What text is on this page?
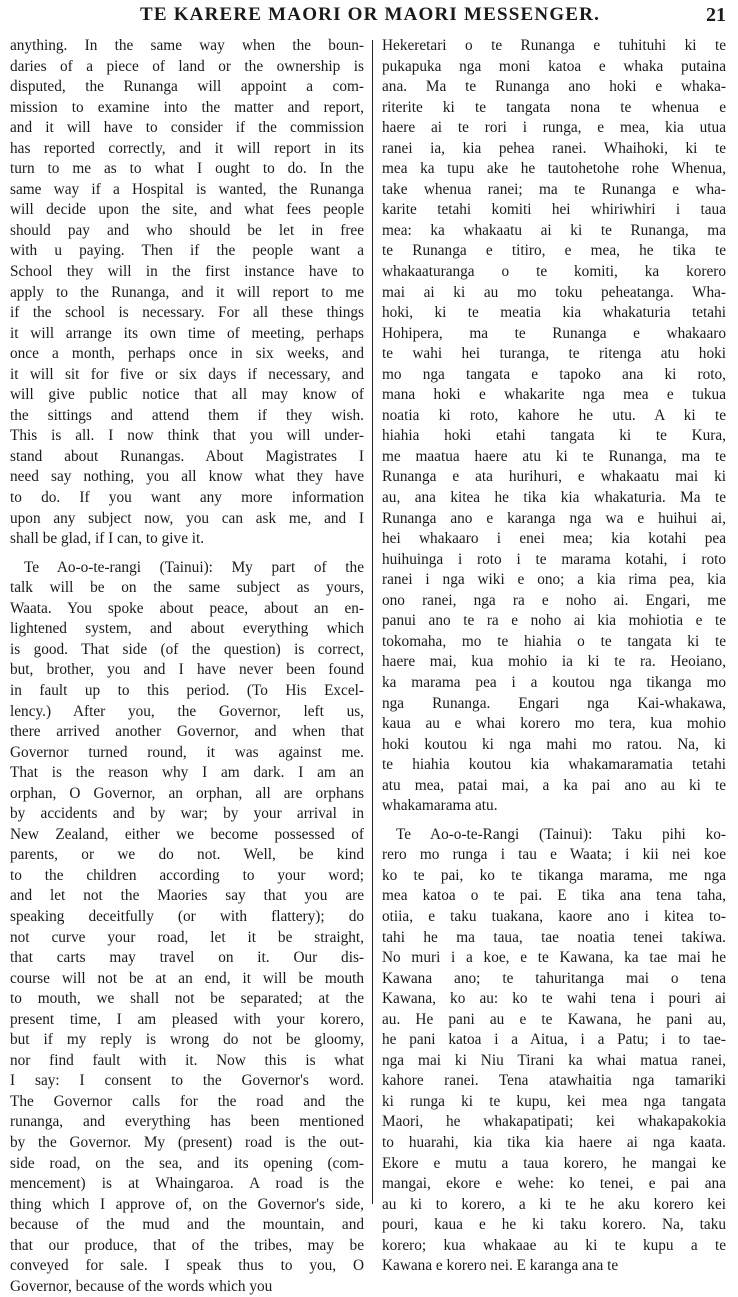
TE KARERE MAORI OR MAORI MESSENGER.	21
anything. In the same way when the boun-
daries of a piece of land or the ownership is
disputed, the Runanga will appoint a com-
mission to examine into the matter and report,
and it will have to consider if the commission
has reported correctly, and it will report in its
turn to me as to what I ought to do. In the
same way if a Hospital is wanted, the Runanga
will decide upon the site, and what fees people
should pay and who should be let in free
with u paying. Then if the people want a
School they will in the first instance have to
apply to the Runanga, and it will report to me
if the school is necessary. For all these things
it will arrange its own time of meeting, perhaps
once a month, perhaps once in six weeks, and
it will sit for five or six days if necessary, and
will give public notice that all may know of
the sittings and attend them if they wish.
This is all. I now think that you will under-
stand about Runangas. About Magistrates I
need say nothing, you all know what they have
to do. If you want any more information
upon any subject now, you can ask me, and I
shall be glad, if I can, to give it.
Te Ao-o-te-rangi (Tainui): My part of the
talk will be on the same subject as yours,
Waata. You spoke about peace, about an en-
lightened system, and about everything which
is good. That side (of the question) is correct,
but, brother, you and I have never been found
in fault up to this period. (To His Excel-
lency.) After you, the Governor, left us,
there arrived another Governor, and when that
Governor turned round, it was against me.
That is the reason why I am dark. I am an
orphan, O Governor, an orphan, all are orphans
by accidents and by war; by your arrival in
New Zealand, either we become possessed of
parents, or we do not. Well, be kind
to the children according to your word;
and let not the Maories say that you are
speaking deceitfully (or with flattery); do
not curve your road, let it be straight,
that carts may travel on it. Our dis-
course will not be at an end, it will be mouth
to mouth, we shall not be separated; at the
present time, I am pleased with your korero,
but if my reply is wrong do not be gloomy,
nor find fault with it. Now this is what
I say: I consent to the Governor's word.
The Governor calls for the road and the
runanga, and everything has been mentioned
by the Governor. My (present) road is the out-
side road, on the sea, and its opening (com-
mencement) is at Whaingaroa. A road is the
thing which I approve of, on the Governor's side,
because of the mud and the mountain, and
that our produce, that of the tribes, may be
conveyed for sale. I speak thus to you, O
Governor, because of the words which you
Hekeretari o te Runanga e tuhituhi ki te
pukapuka nga moni katoa e whaka putaina
ana. Ma te Runanga ano hoki e whaka-
riterite ki te tangata nona te whenua e
haere ai te rori i runga, e mea, kia utua
ranei ia, kia pehea ranei. Whaihoki, ki te
mea ka tupu ake he tautohetohe rohe Whenua,
take whenua ranei; ma te Runanga e wha-
karite tetahi komiti hei whiriwhiri i taua
mea: ka whakaatu ai ki te Runanga, ma
te Runanga e titiro, e mea, he tika te
whakaaturanga o te komiti, ka korero
mai ai ki au mo toku peheatanga. Wha-
hoki, ki te meatia kia whakaturia tetahi
Hohipera, ma te Runanga e whakaaro
te wahi hei turanga, te ritenga atu hoki
mo nga tangata e tapoko ana ki roto,
mana hoki e whakarite nga mea e tukua
noatia ki roto, kahore he utu. A ki te
hiahia hoki etahi tangata ki te Kura,
me maatua haere atu ki te Runanga, ma te
Runanga e ata hurihuri, e whakaatu mai ki
au, ana kitea he tika kia whakaturia. Ma te
Runanga ano e karanga nga wa e huihui ai,
hei whakaaro i enei mea; kia kotahi pea
huihuinga i roto i te marama kotahi, i roto
ranei i nga wiki e ono; a kia rima pea, kia
ono ranei, nga ra e noho ai. Engari, me
panui ano te ra e noho ai kia mohiotia e te
tokomaha, mo te hiahia o te tangata ki te
haere mai, kua mohio ia ki te ra. Heoiano,
ka marama pea i a koutou nga tikanga mo
nga Runanga. Engari nga Kai-whakawa,
kaua au e whai korero mo tera, kua mohio
hoki koutou ki nga mahi mo ratou. Na, ki
te hiahia koutou kia whakamaramatia tetahi
atu mea, patai mai, a ka pai ano au ki te
whakamarama atu.
Te Ao-o-te-Rangi (Tainui): Taku pihi ko-
rero mo runga i tau e Waata; i kii nei koe
ko te pai, ko te tikanga marama, me nga
mea katoa o te pai. E tika ana tena taha,
otiia, e taku tuakana, kaore ano i kitea to-
tahi he ma taua, tae noatia tenei takiwa.
No muri i a koe, e te Kawana, ka tae mai he
Kawana ano; te tahuritanga mai o tena
Kawana, ko au: ko te wahi tena i pouri ai
au. He pani au e te Kawana, he pani au,
he pani katoa i a Aitua, i a Patu; i to tae-
nga mai ki Niu Tirani ka whai matua ranei,
kahore ranei. Tena atawhaitia nga tamariki
ki runga ki te kupu, kei mea nga tangata
Maori, he whakapatipati; kei whakapakokia
to huarahi, kia tika kia haere ai nga kaata.
Ekore e mutu a taua korero, he mangai ke
mangai, ekore e wehe: ko tenei, e pai ana
au ki to korero, a ki te he aku korero kei
pouri, kaua e he ki taku korero. Na, taku
korero; kua whakaae au ki te kupu a te
Kawana e korero nei. E karanga ana te
